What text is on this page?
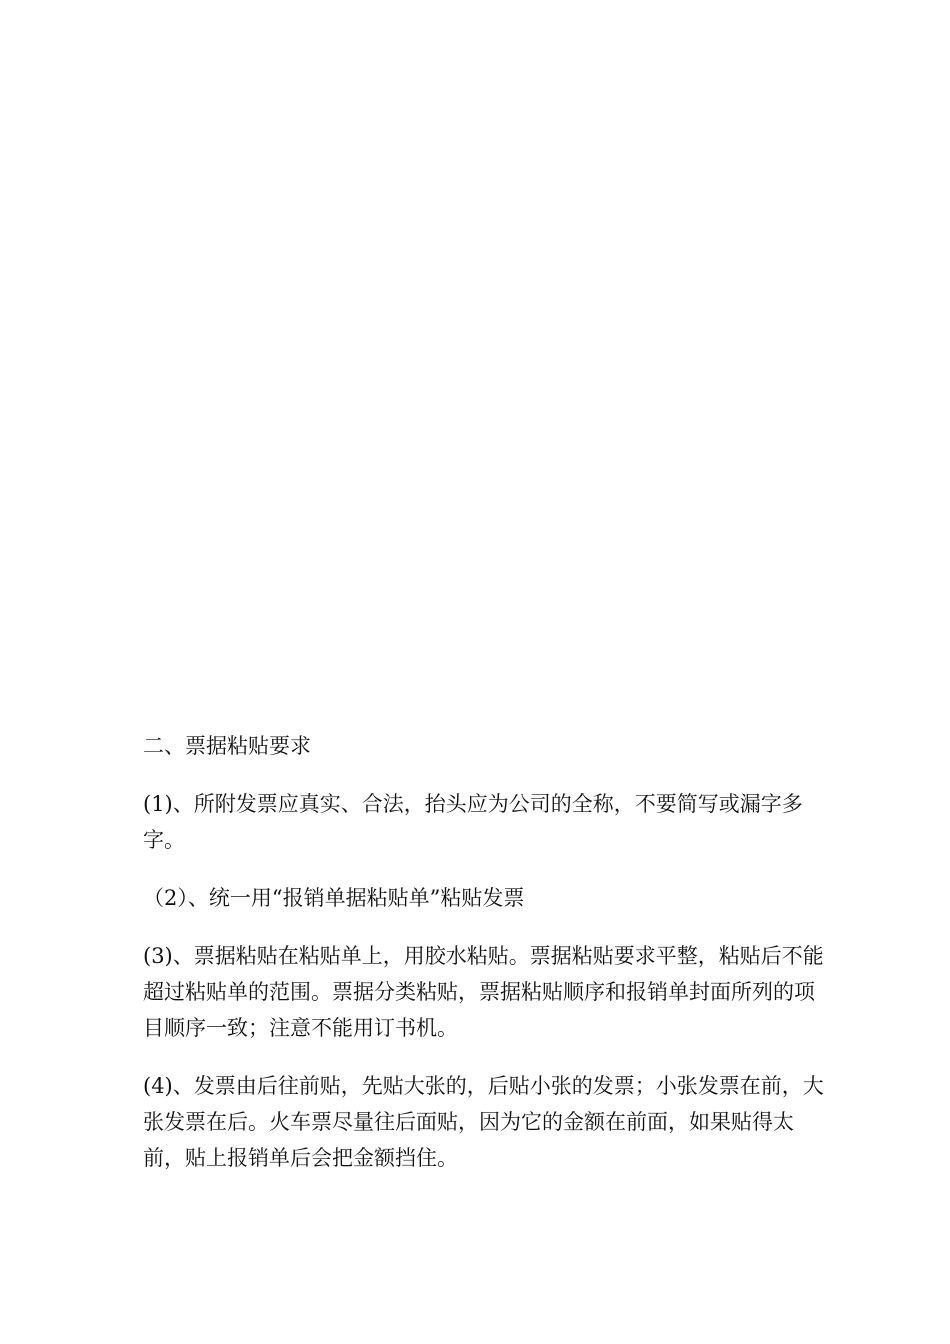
二、票据粘贴要求

(1)、所附发票应真实、合法，抬头应为公司的全称，不要简写或漏字多字。

（2）、统一用“报销单据粘贴单”粘贴发票

(3)、票据粘贴在粘贴单上，用胶水粘贴。票据粘贴要求平整，粘贴后不能超过粘贴单的范围。票据分类粘贴，票据粘贴顺序和报销单封面所列的项目顺序一致；注意不能用订书机。

(4)、发票由后往前贴，先贴大张的，后贴小张的发票；小张发票在前，大张发票在后。火车票尽量往后面贴，因为它的金额在前面，如果贴得太前，贴上报销单后会把金额挡住。
